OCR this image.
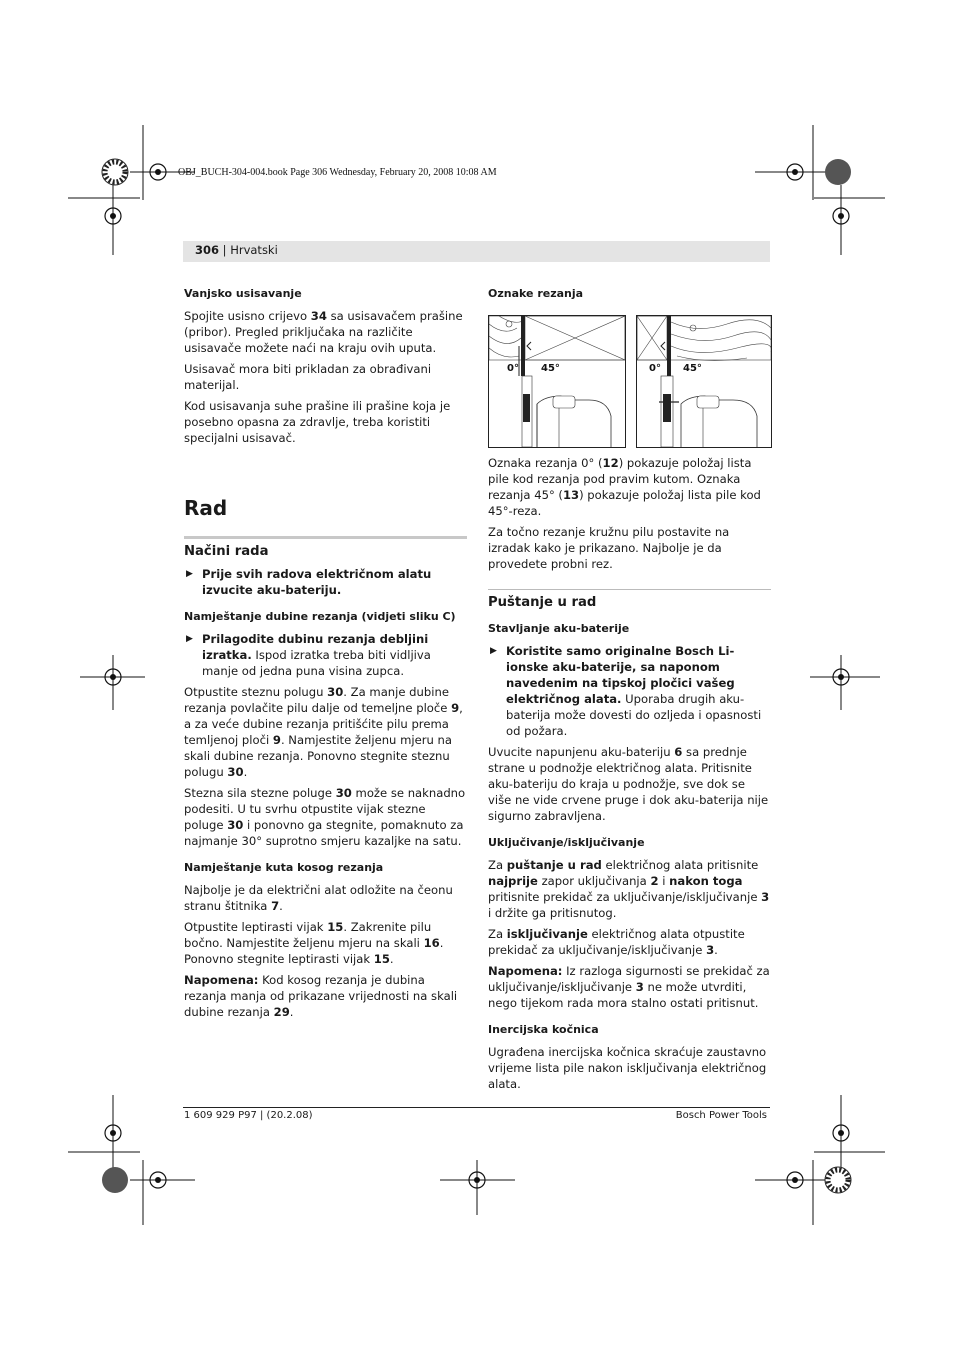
OBJ_BUCH-304-004.book Page 306 Wednesday, February 20, 2008 10:08 AM
306 | Hrvatski
Vanjsko usisavanje

Spojite usisno crijevo 34 sa usisavačem prašine (pribor). Pregled priključaka na različite usisavače možete naći na kraju ovih uputa.

Usisavač mora biti prikladan za obrađivani materijal.

Kod usisavanja suhe prašine ili prašine koja je posebno opasna za zdravlje, treba koristiti specijalni usisavač.

Rad
Načini rada
▶ Prije svih radova električnom alatu izvucite aku-bateriju.
Namještanje dubine rezanja (vidjeti sliku C)
▶ Prilagodite dubinu rezanja debljini izratka. Ispod izratka treba biti vidljiva manje od jedna puna visina zupca.

Otpustite steznu polugu 30. Za manje dubine rezanja povlačite pilu dalje od temeljne ploče 9, a za veće dubine rezanja pritišćite pilu prema temljenoj ploči 9. Namjestite željenu mjeru na skali dubine rezanja. Ponovno stegnite steznu polugu 30.

Stezna sila stezne poluge 30 može se naknadno podesiti. U tu svrhu otpustite vijak stezne poluge 30 i ponovno ga stegnite, pomaknuto za najmanje 30° suprotno smjeru kazaljke na satu.

Namještanje kuta kosog rezanja

Najbolje je da električni alat odložite na čeonu stranu štitnika 7.

Otpustite leptirasti vijak 15. Zakrenite pilu bočno. Namjestite željenu mjeru na skali 16. Ponovno stegnite leptirasti vijak 15.

Napomena: Kod kosog rezanja je dubina rezanja manja od prikazane vrijednosti na skali dubine rezanja 29.

Oznake rezanja
0° 45°	0° 45°

Oznaka rezanja 0° (12) pokazuje položaj lista pile kod rezanja pod pravim kutom. Oznaka rezanja 45° (13) pokazuje položaj lista pile kod 45°-reza.

Za točno rezanje kružnu pilu postavite na izradak kako je prikazano. Najbolje je da provedete probni rez.

Puštanje u rad
Stavljanje aku-baterije
▶ Koristite samo originalne Bosch Li-ionske aku-baterije, sa naponom navedenim na tipskoj pločici vašeg električnog alata. Uporaba drugih aku-baterija može dovesti do ozljeda i opasnosti od požara.

Uvucite napunjenu aku-bateriju 6 sa prednje strane u podnožje električnog alata. Pritisnite aku-bateriju do kraja u podnožje, sve dok se više ne vide crvene pruge i dok aku-baterija nije sigurno zabravljena.

Uključivanje/isključivanje

Za puštanje u rad električnog alata pritisnite najprije zapor uključivanja 2 i nakon toga pritisnite prekidač za uključivanje/isključivanje 3 i držite ga pritisnutog.

Za isključivanje električnog alata otpustite prekidač za uključivanje/isključivanje 3.

Napomena: Iz razloga sigurnosti se prekidač za uključivanje/isključivanje 3 ne može utvrditi, nego tijekom rada mora stalno ostati pritisnut.

Inercijska kočnica

Ugrađena inercijska kočnica skraćuje zaustavno vrijeme lista pile nakon isključivanja električnog alata.

1 609 929 P97 | (20.2.08)	Bosch Power Tools
